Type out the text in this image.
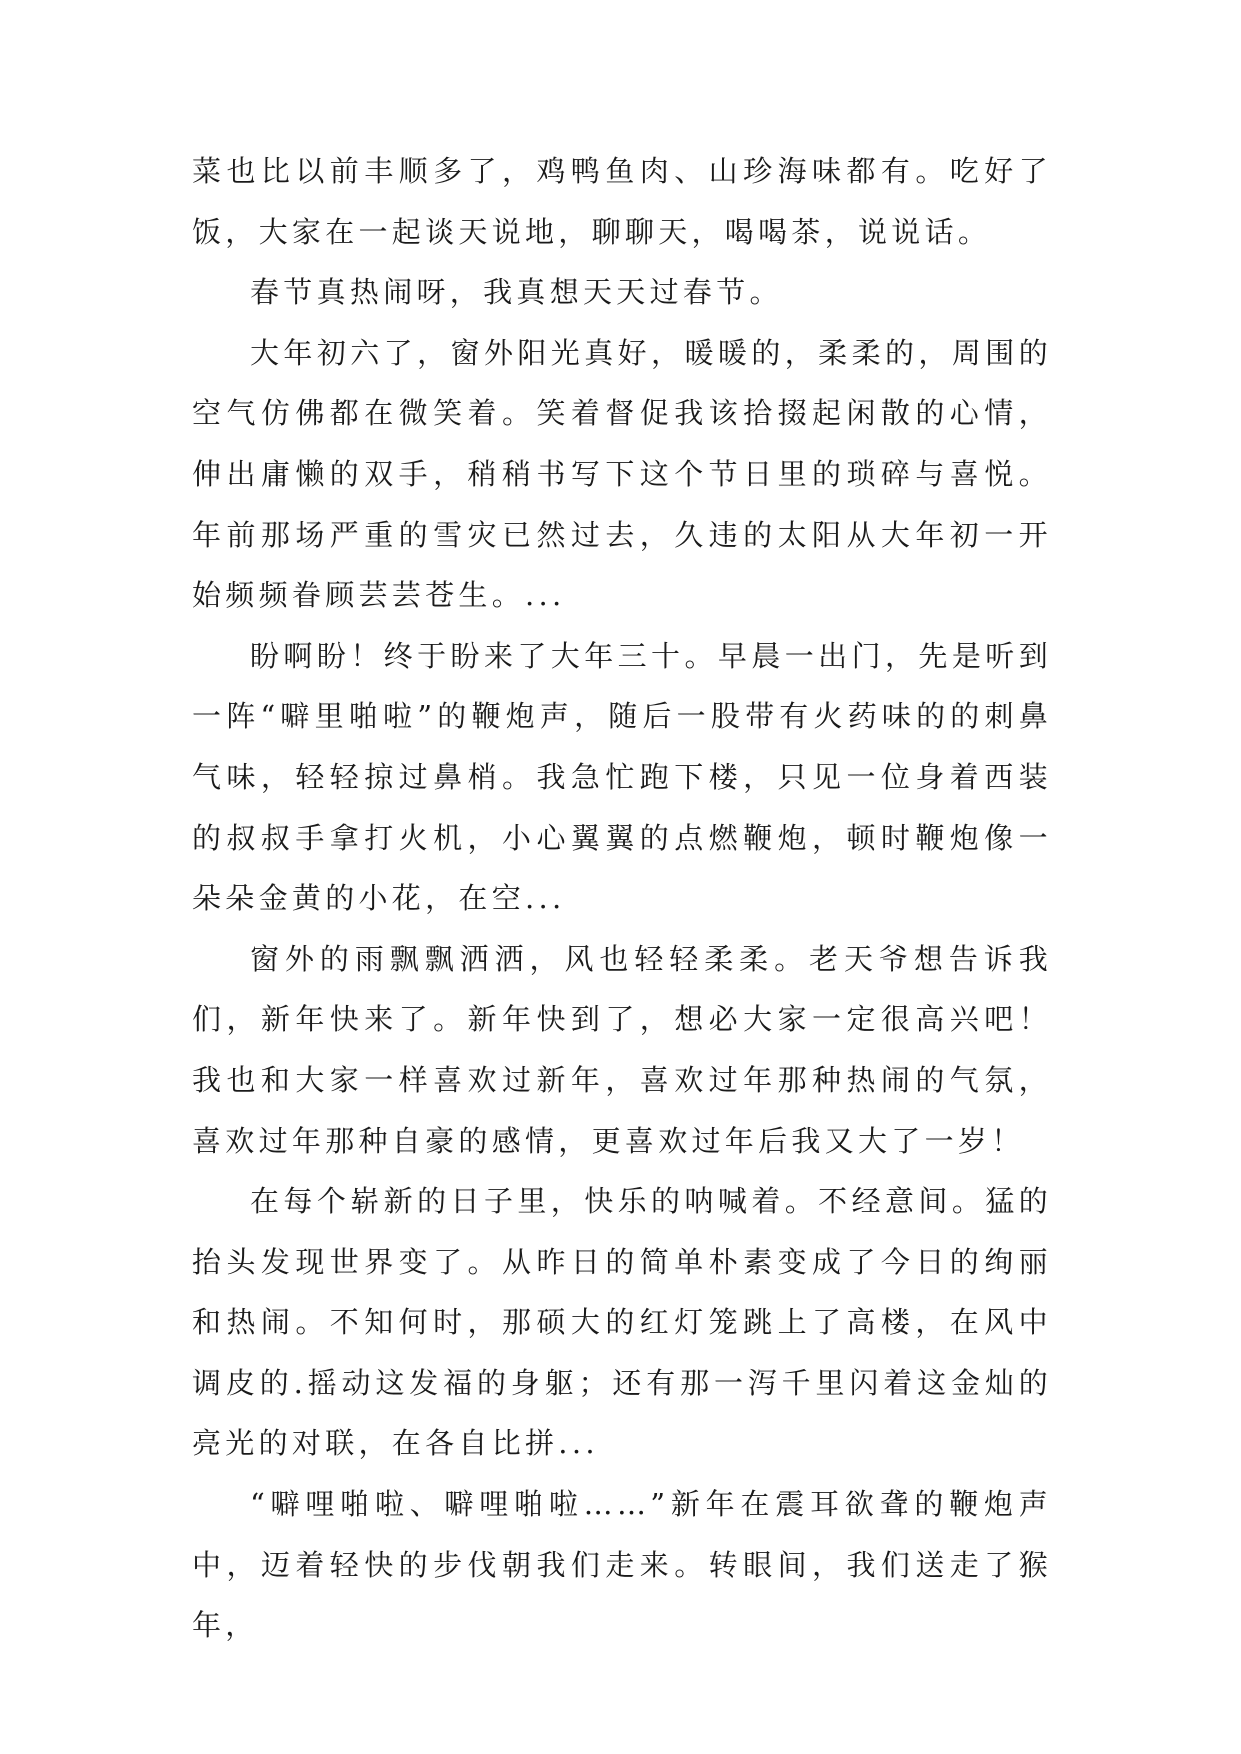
菜也比以前丰顺多了，鸡鸭鱼肉、山珍海味都有。吃好了饭，大家在一起谈天说地，聊聊天，喝喝茶，说说话。

春节真热闹呀，我真想天天过春节。

大年初六了，窗外阳光真好，暖暖的，柔柔的，周围的空气仿佛都在微笑着。笑着督促我该拾掇起闲散的心情，伸出庸懒的双手，稍稍书写下这个节日里的琐碎与喜悦。年前那场严重的雪灾已然过去，久违的太阳从大年初一开始频频眷顾芸芸苍生。...

盼啊盼！终于盼来了大年三十。早晨一出门，先是听到一阵“噼里啪啦”的鞭炮声，随后一股带有火药味的的刺鼻气味，轻轻掠过鼻梢。我急忙跑下楼，只见一位身着西装的叔叔手拿打火机，小心翼翼的点燃鞭炮，顿时鞭炮像一朵朵金黄的小花，在空...

窗外的雨飘飘洒洒，风也轻轻柔柔。老天爷想告诉我们，新年快来了。新年快到了，想必大家一定很高兴吧！我也和大家一样喜欢过新年，喜欢过年那种热闹的气氛，喜欢过年那种自豪的感情，更喜欢过年后我又大了一岁！

在每个崭新的日子里，快乐的呐喊着。不经意间。猛的抬头发现世界变了。从昨日的简单朴素变成了今日的绚丽和热闹。不知何时，那硕大的红灯笼跳上了高楼，在风中调皮的.摇动这发福的身躯；还有那一泻千里闪着这金灿的亮光的对联，在各自比拼...

“噼哩啪啦、噼哩啪啦……”新年在震耳欲聋的鞭炮声中，迈着轻快的步伐朝我们走来。转眼间，我们送走了猴年，
